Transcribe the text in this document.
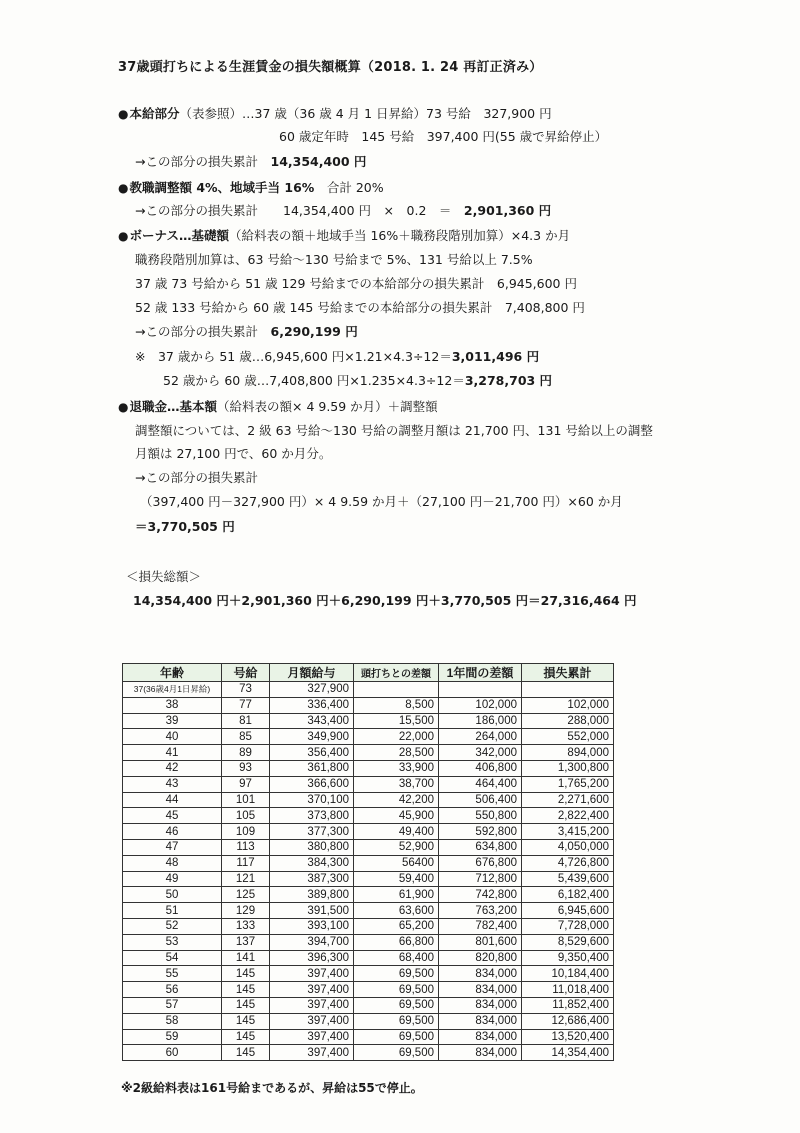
37歳頭打ちによる生涯賃金の損失額概算（2018. 1. 24 再訂正済み）
● 本給部分（表参照）…37 歳（36 歳 4 月 1 日昇給）73 号給　327,900 円
60 歳定年時　145 号給　397,400 円(55 歳で昇給停止）
→この部分の損失累計　 14,354,400 円
● 教職調整額 4%、地域手当 16%　 合計 20%
→この部分の損失累計　　 14,354,400 円　×　0.2　＝　 2,901,360 円
● ボーナス…基礎額（給料表の額＋地域手当 16%＋職務段階別加算）×4.3 か月
職務段階別加算は、63 号給～130 号給まで 5%、131 号給以上 7.5%
37 歳 73 号給から 51 歳 129 号給までの本給部分の損失累計　6,945,600 円
52 歳 133 号給から 60 歳 145 号給までの本給部分の損失累計　7,408,800 円
→この部分の損失累計　 6,290,199 円
※　37 歳から 51 歳…6,945,600 円×1.21×4.3÷12＝3,011,496 円
52 歳から 60 歳…7,408,800 円×1.235×4.3÷12＝3,278,703 円
● 退職金…基本額（給料表の額× 4 9.59 か月）＋調整額
調整額については、2 級 63 号給～130 号給の調整月額は 21,700 円、131 号給以上の調整
月額は 27,100 円で、60 か月分。
→この部分の損失累計
（397,400 円－327,900 円）× 4 9.59 か月＋（27,100 円－21,700 円）×60 か月
＝3,770,505 円
＜損失総額＞
14,354,400 円＋2,901,360 円＋6,290,199 円＋3,770,505 円＝27,316,464 円
年齢	号給	月額給与	頭打ちとの差額	1年間の差額	損失累計
37(36歳4月1日昇給)	73	327,900			
38	77	336,400	8,500	102,000	102,000
39	81	343,400	15,500	186,000	288,000
40	85	349,900	22,000	264,000	552,000
41	89	356,400	28,500	342,000	894,000
42	93	361,800	33,900	406,800	1,300,800
43	97	366,600	38,700	464,400	1,765,200
44	101	370,100	42,200	506,400	2,271,600
45	105	373,800	45,900	550,800	2,822,400
46	109	377,300	49,400	592,800	3,415,200
47	113	380,800	52,900	634,800	4,050,000
48	117	384,300	56400	676,800	4,726,800
49	121	387,300	59,400	712,800	5,439,600
50	125	389,800	61,900	742,800	6,182,400
51	129	391,500	63,600	763,200	6,945,600
52	133	393,100	65,200	782,400	7,728,000
53	137	394,700	66,800	801,600	8,529,600
54	141	396,300	68,400	820,800	9,350,400
55	145	397,400	69,500	834,000	10,184,400
56	145	397,400	69,500	834,000	11,018,400
57	145	397,400	69,500	834,000	11,852,400
58	145	397,400	69,500	834,000	12,686,400
59	145	397,400	69,500	834,000	13,520,400
60	145	397,400	69,500	834,000	14,354,400
※2級給料表は161号給まであるが、昇給は55で停止。
